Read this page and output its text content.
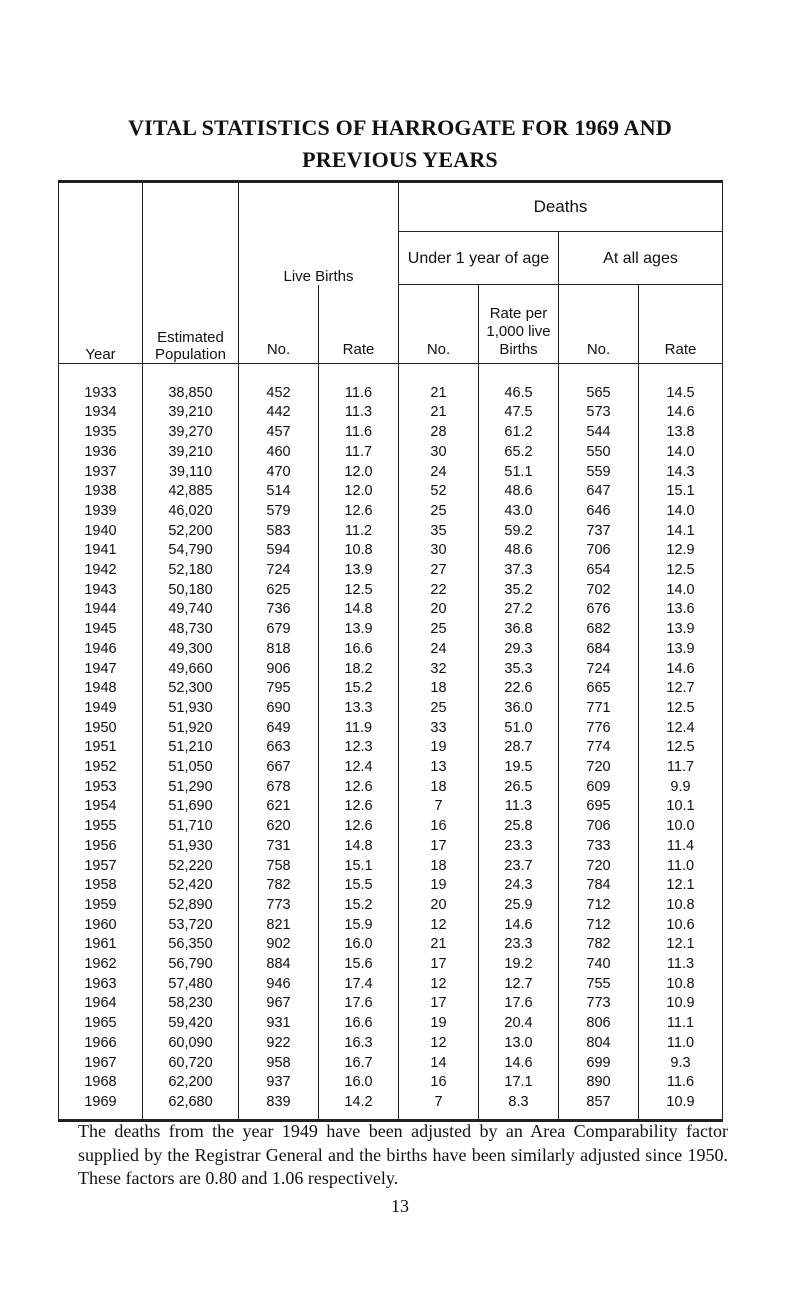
VITAL STATISTICS OF HARROGATE FOR 1969 AND
PREVIOUS YEARS
Year	Estimated Population	Live Births		Deaths			
				Under 1 year of age		At all ages	
		No.	Rate	No.	Rate per 1,000 live Births	No.	Rate

1933	38,850	452	11.6	21	46.5	565	14.5
1934	39,210	442	11.3	21	47.5	573	14.6
1935	39,270	457	11.6	28	61.2	544	13.8
1936	39,210	460	11.7	30	65.2	550	14.0
1937	39,110	470	12.0	24	51.1	559	14.3
1938	42,885	514	12.0	52	48.6	647	15.1
1939	46,020	579	12.6	25	43.0	646	14.0
1940	52,200	583	11.2	35	59.2	737	14.1
1941	54,790	594	10.8	30	48.6	706	12.9
1942	52,180	724	13.9	27	37.3	654	12.5
1943	50,180	625	12.5	22	35.2	702	14.0
1944	49,740	736	14.8	20	27.2	676	13.6
1945	48,730	679	13.9	25	36.8	682	13.9
1946	49,300	818	16.6	24	29.3	684	13.9
1947	49,660	906	18.2	32	35.3	724	14.6
1948	52,300	795	15.2	18	22.6	665	12.7
1949	51,930	690	13.3	25	36.0	771	12.5
1950	51,920	649	11.9	33	51.0	776	12.4
1951	51,210	663	12.3	19	28.7	774	12.5
1952	51,050	667	12.4	13	19.5	720	11.7
1953	51,290	678	12.6	18	26.5	609	9.9
1954	51,690	621	12.6	7	11.3	695	10.1
1955	51,710	620	12.6	16	25.8	706	10.0
1956	51,930	731	14.8	17	23.3	733	11.4
1957	52,220	758	15.1	18	23.7	720	11.0
1958	52,420	782	15.5	19	24.3	784	12.1
1959	52,890	773	15.2	20	25.9	712	10.8
1960	53,720	821	15.9	12	14.6	712	10.6
1961	56,350	902	16.0	21	23.3	782	12.1
1962	56,790	884	15.6	17	19.2	740	11.3
1963	57,480	946	17.4	12	12.7	755	10.8
1964	58,230	967	17.6	17	17.6	773	10.9
1965	59,420	931	16.6	19	20.4	806	11.1
1966	60,090	922	16.3	12	13.0	804	11.0
1967	60,720	958	16.7	14	14.6	699	9.3
1968	62,200	937	16.0	16	17.1	890	11.6
1969	62,680	839	14.2	7	8.3	857	10.9
The deaths from the year 1949 have been adjusted by an Area Comparability factor supplied by the Registrar General and the births have been similarly adjusted since 1950. These factors are 0.80 and 1.06 respectively.
13
